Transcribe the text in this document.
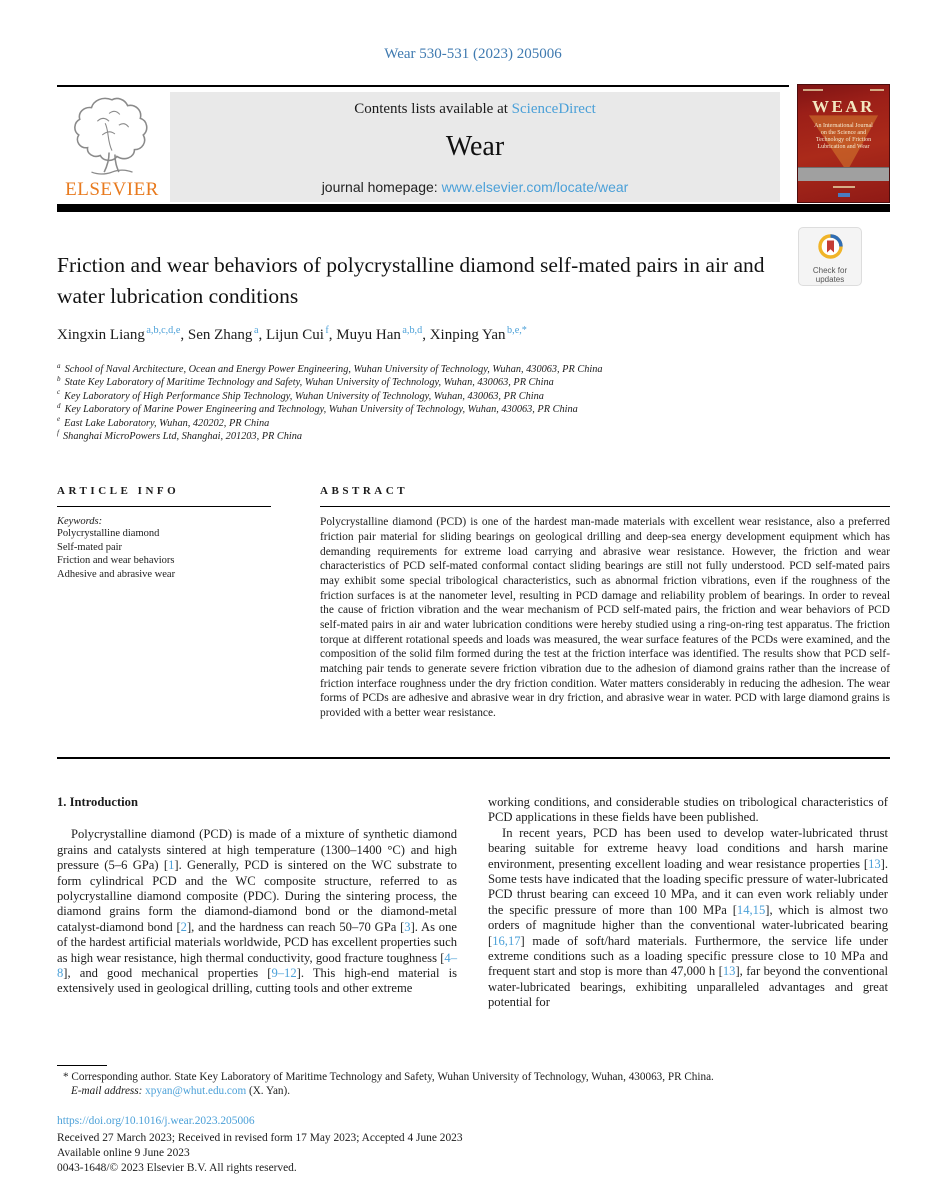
Wear 530-531 (2023) 205006
ELSEVIER
Contents lists available at ScienceDirect
Wear
journal homepage: www.elsevier.com/locate/wear
WEAR
An International Journal on the Science and Technology of Friction Lubrication and Wear
Check for updates
Friction and wear behaviors of polycrystalline diamond self-mated pairs in air and water lubrication conditions
Xingxin Liang $^{a,b,c,d,e}$, Sen Zhang $^a$, Lijun Cui $^f$, Muyu Han $^{a,b,d}$, Xinping Yan $^{b,e,*}$
$^a$ School of Naval Architecture, Ocean and Energy Power Engineering, Wuhan University of Technology, Wuhan, 430063, PR China
$^b$ State Key Laboratory of Maritime Technology and Safety, Wuhan University of Technology, Wuhan, 430063, PR China
$^c$ Key Laboratory of High Performance Ship Technology, Wuhan University of Technology, Wuhan, 430063, PR China
$^d$ Key Laboratory of Marine Power Engineering and Technology, Wuhan University of Technology, Wuhan, 430063, PR China
$^e$ East Lake Laboratory, Wuhan, 420202, PR China
$^f$ Shanghai MicroPowers Ltd, Shanghai, 201203, PR China
ARTICLE INFO
Keywords:
Polycrystalline diamond
Self-mated pair
Friction and wear behaviors
Adhesive and abrasive wear
ABSTRACT
Polycrystalline diamond (PCD) is one of the hardest man-made materials with excellent wear resistance, also a preferred friction pair material for sliding bearings on geological drilling and deep-sea energy development equipment which has demanding requirements for extreme load carrying and abrasive wear resistance. However, the friction and wear characteristics of PCD self-mated conformal contact sliding bearings are still not fully understood. PCD self-mated pairs may exhibit some special tribological characteristics, such as abnormal friction vibrations, even if the roughness of the friction surfaces is at the nanometer level, resulting in PCD damage and reliability problem of bearings. In order to reveal the cause of friction vibration and the wear mechanism of PCD self-mated pairs, the friction and wear behaviors of PCD self-mated pairs in air and water lubrication conditions were hereby studied using a ring-on-ring test apparatus. The friction torque at different rotational speeds and loads was measured, the wear surface features of the PCDs were examined, and the composition of the solid film formed during the test at the friction interface was identified. The results show that PCD self-matching pair tends to generate severe friction vibration due to the adhesion of diamond grains rather than the increase of friction interface roughness under the dry friction condition. Water matters considerably in reducing the adhesion. The wear forms of PCDs are adhesive and abrasive wear in dry friction, and abrasive wear in water. PCD with large diamond grains is provided with a better wear resistance.
1. Introduction
Polycrystalline diamond (PCD) is made of a mixture of synthetic diamond grains and catalysts sintered at high temperature (1300–1400 °C) and high pressure (5–6 GPa) [1]. Generally, PCD is sintered on the WC substrate to form cylindrical PCD and the WC composite structure, referred to as polycrystalline diamond composite (PDC). During the sintering process, the diamond grains form the diamond-diamond bond or the diamond-metal catalyst-diamond bond [2], and the hardness can reach 50–70 GPa [3]. As one of the hardest artificial materials worldwide, PCD has excellent properties such as high wear resistance, high thermal conductivity, good fracture toughness [4–8], and good mechanical properties [9–12]. This high-end material is extensively used in geological drilling, cutting tools and other extreme
working conditions, and considerable studies on tribological characteristics of PCD applications in these fields have been published.
In recent years, PCD has been used to develop water-lubricated thrust bearing suitable for extreme heavy load conditions and harsh marine environment, presenting excellent loading and wear resistance properties [13]. Some tests have indicated that the loading specific pressure of water-lubricated PCD thrust bearing can exceed 10 MPa, and it can even work reliably under the specific pressure of more than 100 MPa [14,15], which is almost two orders of magnitude higher than the conventional water-lubricated bearing [16,17] made of soft/hard materials. Furthermore, the service life under extreme conditions such as a loading specific pressure close to 10 MPa and frequent start and stop is more than 47,000 h [13], far beyond the conventional water-lubricated bearings, exhibiting unparalleled advantages and great potential for
* Corresponding author. State Key Laboratory of Maritime Technology and Safety, Wuhan University of Technology, Wuhan, 430063, PR China.
E-mail address: xpyan@whut.edu.com (X. Yan).
https://doi.org/10.1016/j.wear.2023.205006
Received 27 March 2023; Received in revised form 17 May 2023; Accepted 4 June 2023
Available online 9 June 2023
0043-1648/© 2023 Elsevier B.V. All rights reserved.
